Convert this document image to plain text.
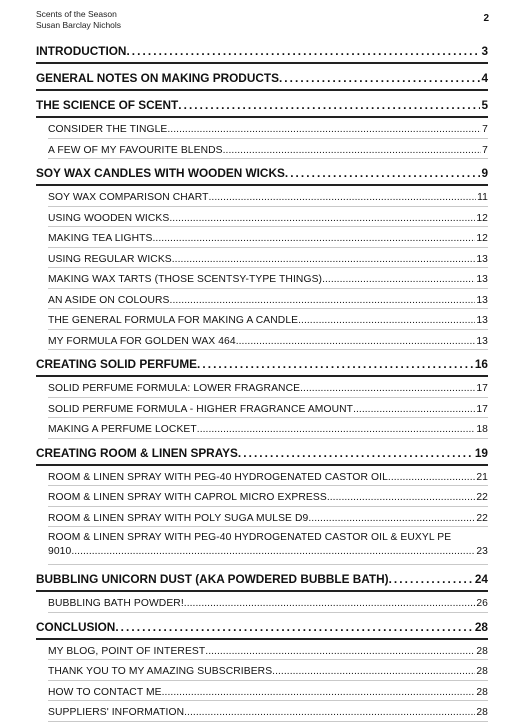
Scents of the Season
Susan Barclay Nichols
2
INTRODUCTION . . .	3
GENERAL NOTES ON MAKING PRODUCTS . . .	4
THE SCIENCE OF SCENT . . .	5
CONSIDER THE TINGLE . . .	7
A FEW OF MY FAVOURITE BLENDS . . .	7
SOY WAX CANDLES WITH WOODEN WICKS . . .	9
SOY WAX COMPARISON CHART . . .	11
USING WOODEN WICKS . . .	12
MAKING TEA LIGHTS . . .	12
USING REGULAR WICKS . . .	13
MAKING WAX TARTS (THOSE SCENTSY-TYPE THINGS) . . .	13
AN ASIDE ON COLOURS... . . .	13
THE GENERAL FORMULA FOR MAKING A CANDLE . . .	13
MY FORMULA FOR GOLDEN WAX 464 . . .	13
CREATING SOLID PERFUME . . .	16
SOLID PERFUME FORMULA: LOWER FRAGRANCE . . .	17
SOLID PERFUME FORMULA - HIGHER FRAGRANCE AMOUNT . . .	17
MAKING A PERFUME LOCKET . . .	18
CREATING ROOM & LINEN SPRAYS . . .	19
ROOM & LINEN SPRAY WITH PEG-40 HYDROGENATED CASTOR OIL . . .	21
ROOM & LINEN SPRAY WITH CAPROL MICRO EXPRESS . . .	22
ROOM & LINEN SPRAY WITH POLY SUGA MULSE D9 . . .	22
ROOM & LINEN SPRAY WITH PEG-40 HYDROGENATED CASTOR OIL & EUXYL PE
9010 . . .	23
BUBBLING UNICORN DUST (AKA POWDERED BUBBLE BATH) . . .	24
BUBBLING BATH POWDER! . . .	26
CONCLUSION . . .	28
MY BLOG, POINT OF INTEREST . . .	28
THANK YOU TO MY AMAZING SUBSCRIBERS . . .	28
HOW TO CONTACT ME . . .	28
SUPPLIERS' INFORMATION . . .	28
